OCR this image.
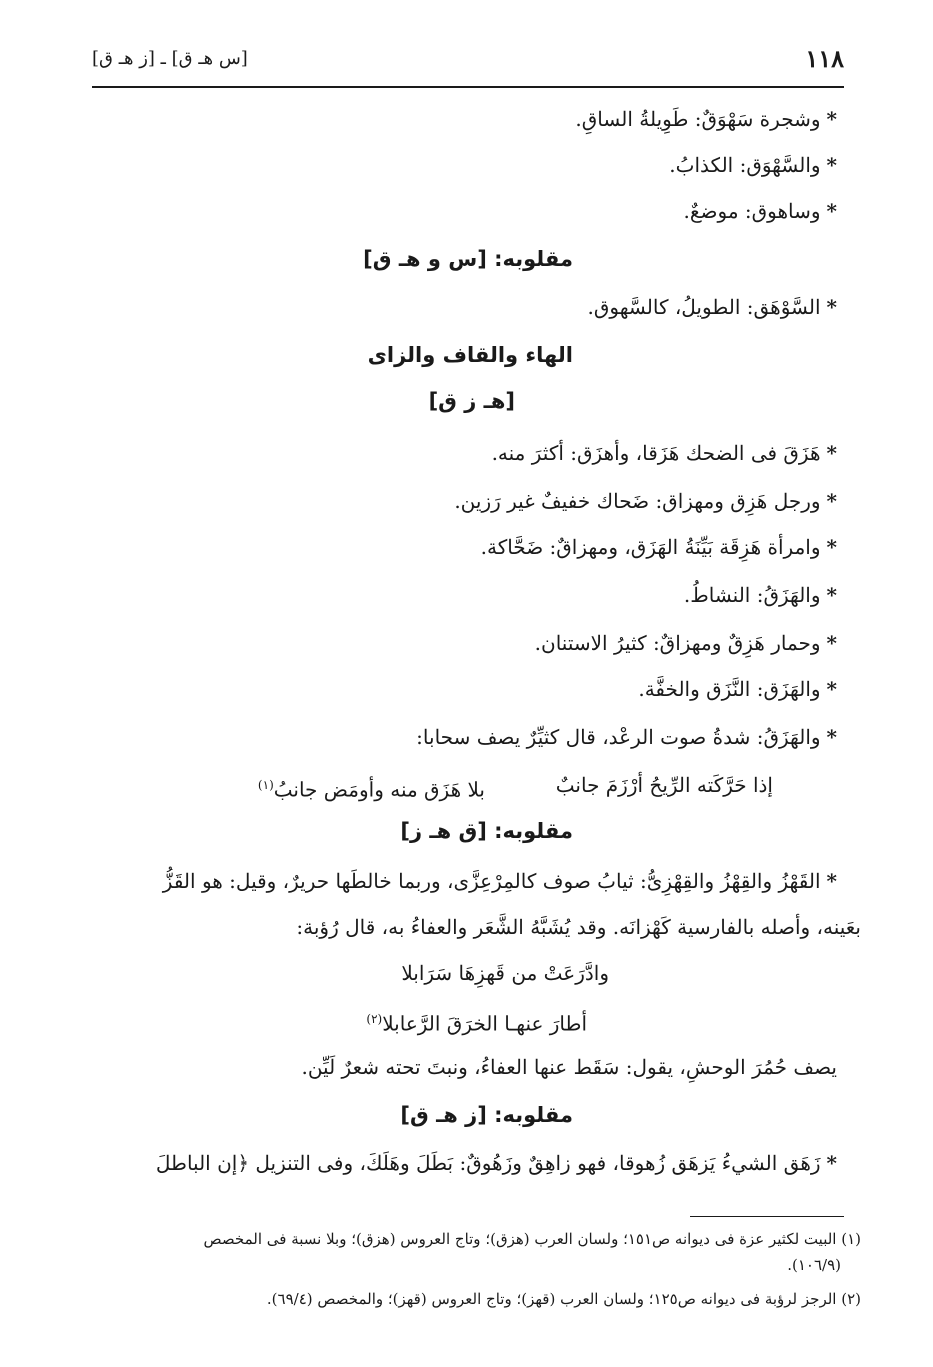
١١٨
[س هـ ق] ـ [ز هـ ق]
*وشجرة سَهْوَقٌ: طَوِيلةُ الساقِ.
*والسَّهْوَق: الكذابُ.
*وساهوق: موضعٌ.
مقلوبه: [س و هـ ق]
*السَّوْهَق: الطويلُ، كالسَّهوق.
الهاء والقاف والزاى
[هـ ز ق]
*هَزَقَ فى الضحك هَزَقا، وأهزَق: أكثرَ منه.
*ورجل هَزِق ومهزاق: ضَحاك خفيفٌ غير رَزين.
*وامرأة هَزِقَة بَيِّنَةُ الهَزَق، ومهزاقٌ: ضَحَّاكة.
*والهَزَقُ: النشاطُ.
*وحمار هَزِقٌ ومهزاقٌ: كثيرُ الاستنان.
*والهَزَق: النَّزَق والخفَّة.
*والهَزَقُ: شدةُ صوت الرعْد، قال كثيِّرٌ يصف سحابا:
إذا حَرَّكَته الرِّيحُ أرْزَمَ جانبٌ
بلا هَزَق منه وأومَض جانبُ$^{(١)}$
مقلوبه: [ق هـ ز]
*القَهْزُ والقِهْزُ والقِهْزِىُّ: ثيابُ صوف كالمِرْعِزَّى، وربما خالطَها حريرٌ، وقيل: هو القَزُّ
بعَينه، وأصله بالفارسية كَهْزانَه. وقد يُشَبَّهُ الشَّعَر والعفاءُ به، قال رُؤبة:
وادَّرَعَتْ من قَهزِهَا سَرَابلا
أطارَ عنهـا الخرَقَ الرَّعابلا$^{(٢)}$
يصف حُمُرَ الوحشِ، يقول: سَقَط عنها العفاءُ، ونبتَ تحته شعرٌ لَيِّن.
مقلوبه: [ز هـ ق]
*زَهَق الشيءُ يَزهَق زُهوقا، فهو زاهِقٌ وزَهُوقٌ: بَطَلَ وهَلَكَ، وفى التنزيل ﴿إن الباطلَ
(١) البيت لكثير عزة فى ديوانه ص١٥١؛ ولسان العرب (هزق)؛ وتاج العروس (هزق)؛ وبلا نسبة فى المخصص
(١٠٦/٩).
(٢) الرجز لرؤبة فى ديوانه ص١٢٥؛ ولسان العرب (قهز)؛ وتاج العروس (قهز)؛ والمخصص (٦٩/٤).
